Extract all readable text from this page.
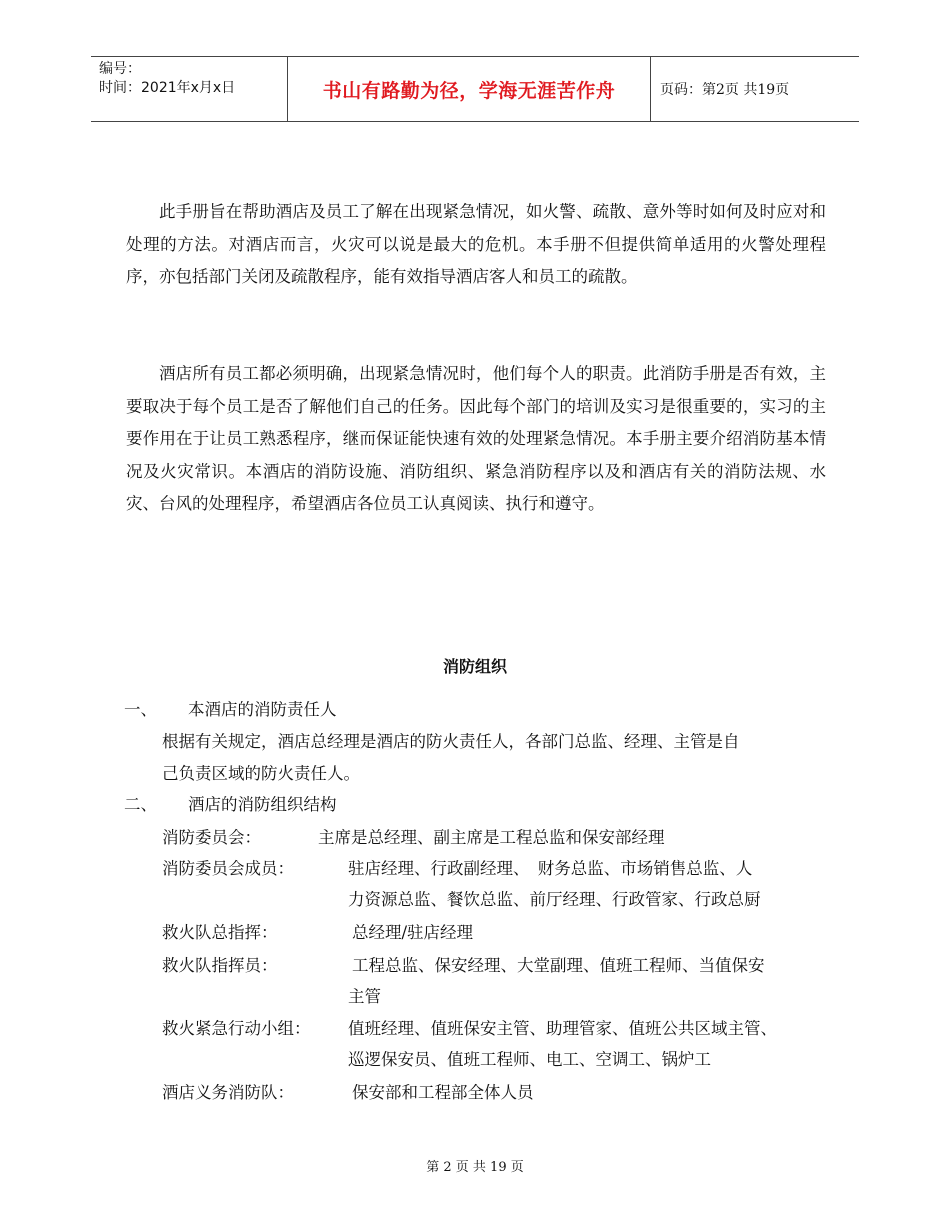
编号：
时间：2021年x月x日	书山有路勤为径，学海无涯苦作舟	页码：第2页 共19页

此手册旨在帮助酒店及员工了解在出现紧急情况，如火警、疏散、意外等时如何及时应对和处理的方法。对酒店而言，火灾可以说是最大的危机。本手册不但提供简单适用的火警处理程序，亦包括部门关闭及疏散程序，能有效指导酒店客人和员工的疏散。

酒店所有员工都必须明确，出现紧急情况时，他们每个人的职责。此消防手册是否有效，主要取决于每个员工是否了解他们自己的任务。因此每个部门的培训及实习是很重要的，实习的主要作用在于让员工熟悉程序，继而保证能快速有效的处理紧急情况。本手册主要介绍消防基本情况及火灾常识。本酒店的消防设施、消防组织、紧急消防程序以及和酒店有关的消防法规、水灾、台风的处理程序，希望酒店各位员工认真阅读、执行和遵守。

消防组织
一、 本酒店的消防责任人
根据有关规定，酒店总经理是酒店的防火责任人，各部门总监、经理、主管是自
己负责区域的防火责任人。
二、 酒店的消防组织结构
消防委员会：	主席是总经理、副主席是工程总监和保安部经理
消防委员会成员：	驻店经理、行政副经理、　财务总监、市场销售总监、人
力资源总监、餐饮总监、前厅经理、行政管家、行政总厨
救火队总指挥：	总经理/驻店经理
救火队指挥员：	工程总监、保安经理、大堂副理、值班工程师、当值保安
主管
救火紧急行动小组： 值班经理、值班保安主管、助理管家、值班公共区域主管、
巡逻保安员、值班工程师、电工、空调工、锅炉工
酒店义务消防队：	保安部和工程部全体人员
第 2 页 共 19 页
